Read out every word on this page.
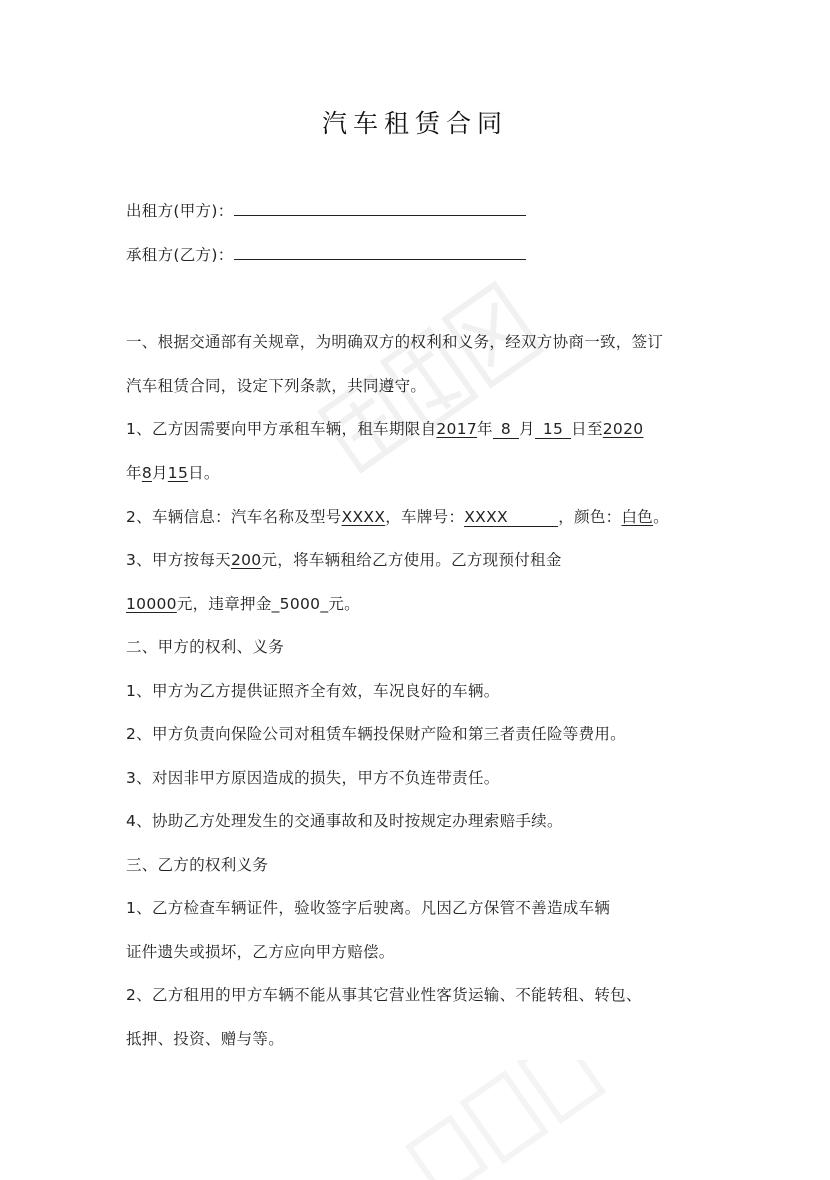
汽车租赁合同
出租方(甲方)：
承租方(乙方)：
一、根据交通部有关规章，为明确双方的权利和义务，经双方协商一致，签订
汽车租赁合同，设定下列条款，共同遵守。
1、乙方因需要向甲方承租车辆，租车期限自2017年 8 月 15 日至2020
年8月15日。
2、车辆信息：汽车名称及型号XXXX，车牌号：XXXX	，颜色：白色。
3、甲方按每天200元，将车辆租给乙方使用。乙方现预付租金
10000元，违章押金_5000_元。
二、甲方的权利、义务
1、甲方为乙方提供证照齐全有效，车况良好的车辆。
2、甲方负责向保险公司对租赁车辆投保财产险和第三者责任险等费用。
3、对因非甲方原因造成的损失，甲方不负连带责任。
4、协助乙方处理发生的交通事故和及时按规定办理索赔手续。
三、乙方的权利义务
1、乙方检查车辆证件，验收签字后驶离。凡因乙方保管不善造成车辆
证件遗失或损坏，乙方应向甲方赔偿。
2、乙方租用的甲方车辆不能从事其它营业性客货运输、不能转租、转包、
抵押、投资、赠与等。
